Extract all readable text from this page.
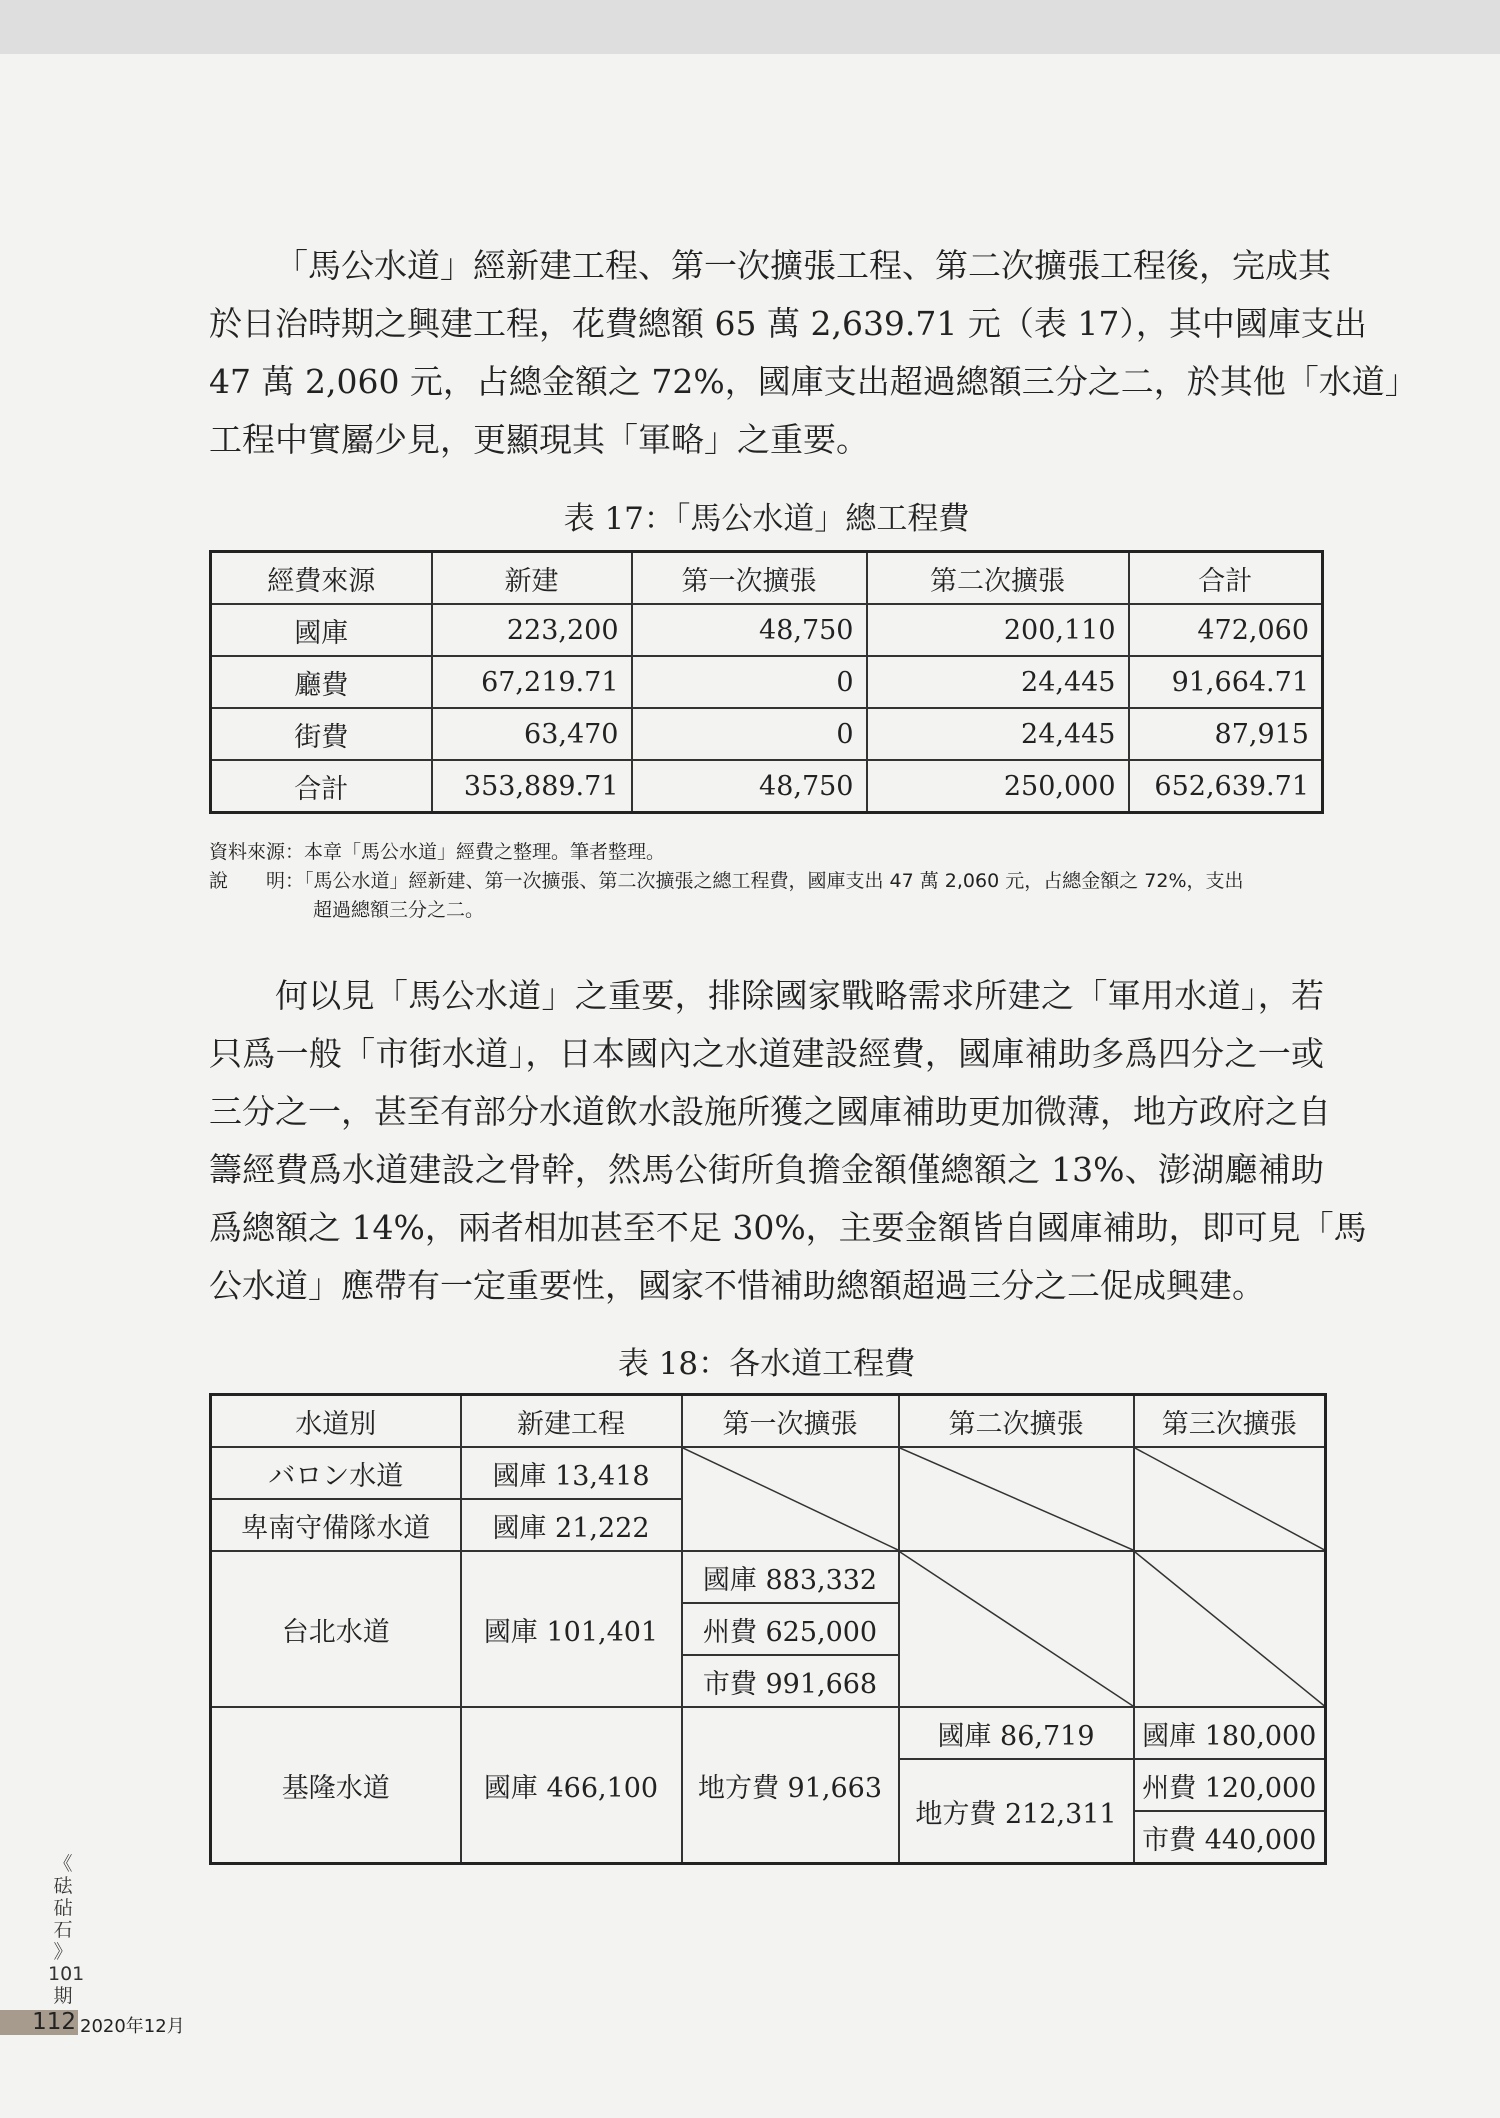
「馬公水道」經新建工程、第一次擴張工程、第二次擴張工程後，完成其
於日治時期之興建工程，花費總額 65 萬 2,639.71 元（表 17），其中國庫支出
47 萬 2,060 元，占總金額之 72%，國庫支出超過總額三分之二，於其他「水道」
工程中實屬少見，更顯現其「軍略」之重要。
表 17：「馬公水道」總工程費
經費來源	新建	第一次擴張	第二次擴張	合計
國庫	223,200	48,750	200,110	472,060
廳費	67,219.71	0	24,445	91,664.71
街費	63,470	0	24,445	87,915
合計	353,889.71	48,750	250,000	652,639.71
資料來源：本章「馬公水道」經費之整理。筆者整理。
說　　明：「馬公水道」經新建、第一次擴張、第二次擴張之總工程費，國庫支出 47 萬 2,060 元，占總金額之 72%，支出
超過總額三分之二。
何以見「馬公水道」之重要，排除國家戰略需求所建之「軍用水道」，若
只爲一般「市街水道」，日本國內之水道建設經費，國庫補助多爲四分之一或
三分之一，甚至有部分水道飲水設施所獲之國庫補助更加微薄，地方政府之自
籌經費爲水道建設之骨幹，然馬公街所負擔金額僅總額之 13%、澎湖廳補助
爲總額之 14%，兩者相加甚至不足 30%，主要金額皆自國庫補助，即可見「馬
公水道」應帶有一定重要性，國家不惜補助總額超過三分之二促成興建。
表 18：各水道工程費
水道別	新建工程	第一次擴張	第二次擴張	第三次擴張
バロン水道	國庫 13,418	

卑南守備隊水道	國庫 21,222			
台北水道	國庫 101,401	國庫 883,332	

		州費 625,000		
		市費 991,668		
基隆水道	國庫 466,100	地方費 91,663	國庫 86,719	國庫 180,000
			地方費 212,311	州費 120,000
				市費 440,000
《
砝
砧
石
》
101
期
112 2020年12月
